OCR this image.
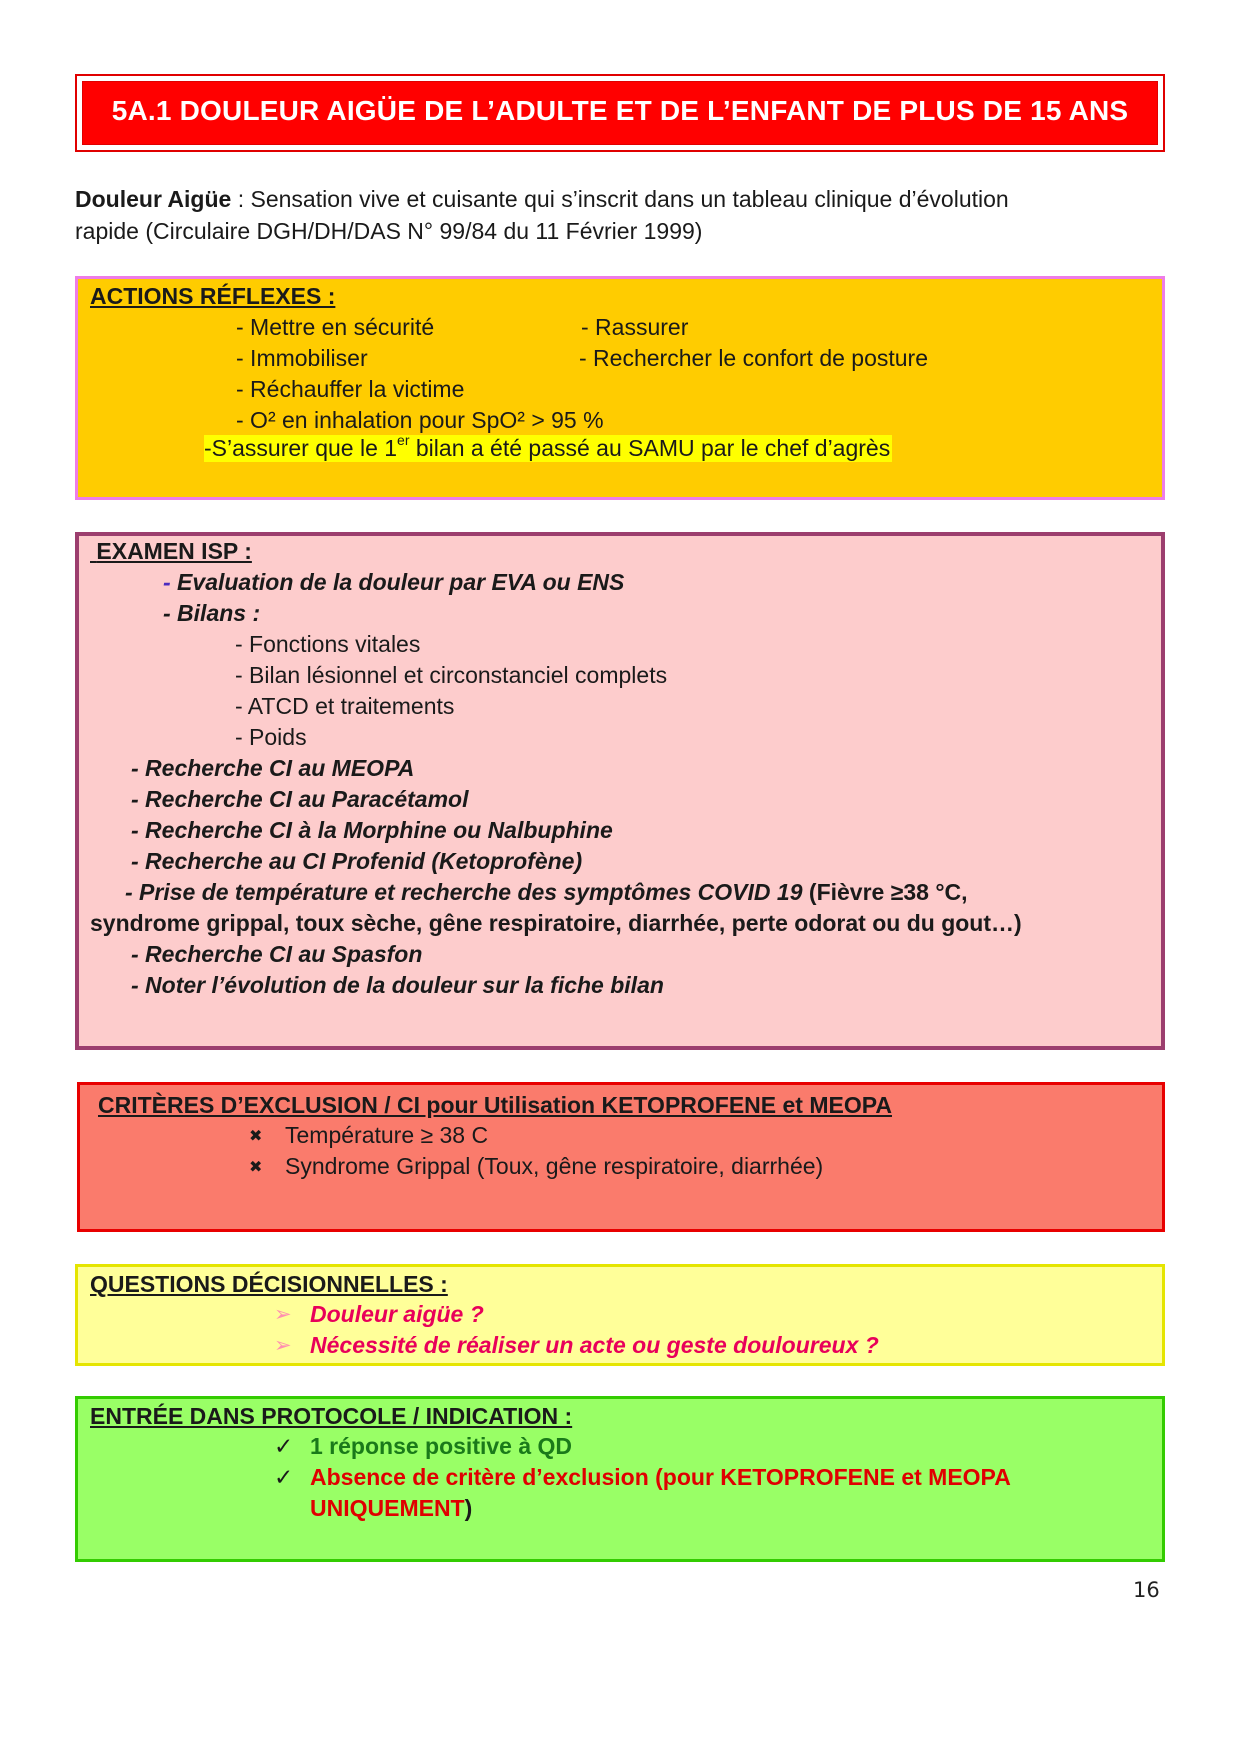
5A.1 DOULEUR AIGÜE DE L’ADULTE ET DE L’ENFANT DE PLUS DE 15 ANS
Douleur Aigüe : Sensation vive et cuisante qui s’inscrit dans un tableau clinique d’évolution
rapide (Circulaire DGH/DH/DAS N° 99/84 du 11 Février 1999)
ACTIONS RÉFLEXES :
- Mettre en sécurité
- Immobiliser
- Réchauffer la victime
- O² en inhalation pour SpO² > 95 %
- Rassurer
- Rechercher le confort de posture
-S’assurer que le 1er bilan a été passé au SAMU par le chef d’agrès
EXAMEN ISP :
- Evaluation de la douleur par EVA ou ENS
- Bilans :
- Fonctions vitales
- Bilan lésionnel et circonstanciel complets
- ATCD et traitements
- Poids
- Recherche CI au MEOPA
- Recherche CI au Paracétamol
- Recherche CI à la Morphine ou Nalbuphine
- Recherche au CI Profenid (Ketoprofène)
- Prise de température et recherche des symptômes COVID 19 (Fièvre ≥38 °C,
syndrome grippal, toux sèche, gêne respiratoire, diarrhée, perte odorat ou du gout…)
- Recherche CI au Spasfon
- Noter l’évolution de la douleur sur la fiche bilan
CRITÈRES D’EXCLUSION / CI pour Utilisation KETOPROFENE et MEOPA
✖ Température ≥ 38 C
✖ Syndrome Grippal (Toux, gêne respiratoire, diarrhée)
QUESTIONS DÉCISIONNELLES :
➢ Douleur aigüe ?
➢ Nécessité de réaliser un acte ou geste douloureux ?
ENTRÉE DANS PROTOCOLE / INDICATION :
✓ 1 réponse positive à QD
✓ Absence de critère d’exclusion (pour KETOPROFENE et MEOPA
UNIQUEMENT)
16
